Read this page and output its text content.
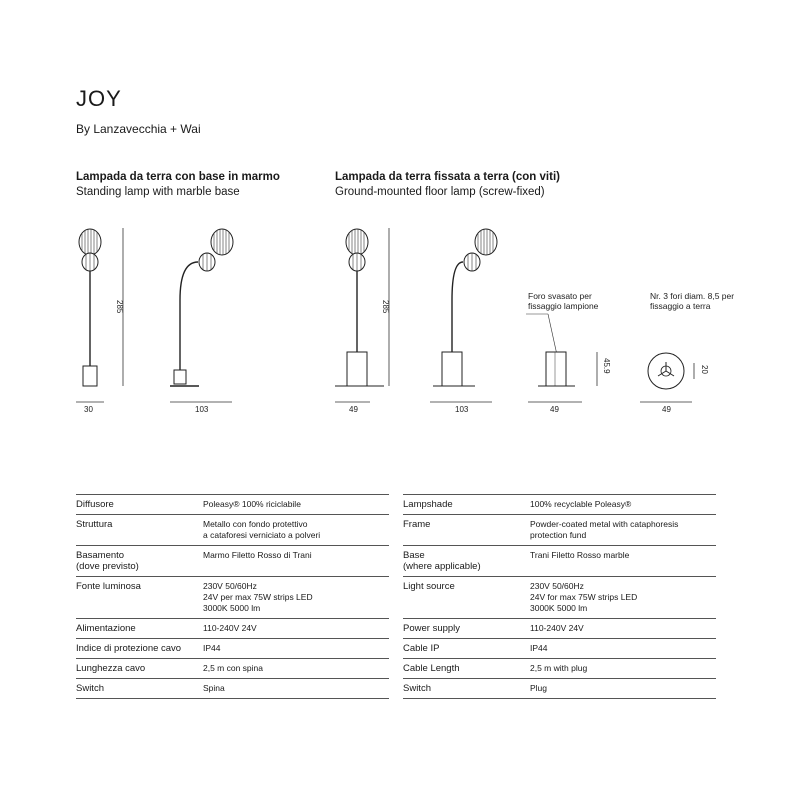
JOY
By Lanzavecchia + Wai
Lampada da terra con base in marmo
Standing lamp with marble base
Lampada da terra fissata a terra (con viti)
Ground-mounted floor lamp (screw-fixed)
285	285
30	103	49	103	49	49
45.9	20
Foro svasato per fissaggio lampione
Nr. 3 fori diam. 8,5 per fissaggio a terra
Diffusore	Poleasy® 100% riciclabile
Struttura	Metallo con fondo protettivo
a cataforesi verniciato a polveri
Basamento
(dove previsto)	Marmo Filetto Rosso di Trani
Fonte luminosa	230V 50/60Hz
24V per max 75W strips LED
3000K 5000 lm
Alimentazione	110-240V 24V
Indice di protezione cavo	IP44
Lunghezza cavo	2,5 m con spina
Switch	Spina
Lampshade	100% recyclable Poleasy®
Frame	Powder-coated metal with cataphoresis
protection fund
Base
(where applicable)	Trani Filetto Rosso marble
Light source	230V 50/60Hz
24V for max 75W strips LED
3000K 5000 lm
Power supply	110-240V 24V
Cable IP	IP44
Cable Length	2,5 m with plug
Switch	Plug
